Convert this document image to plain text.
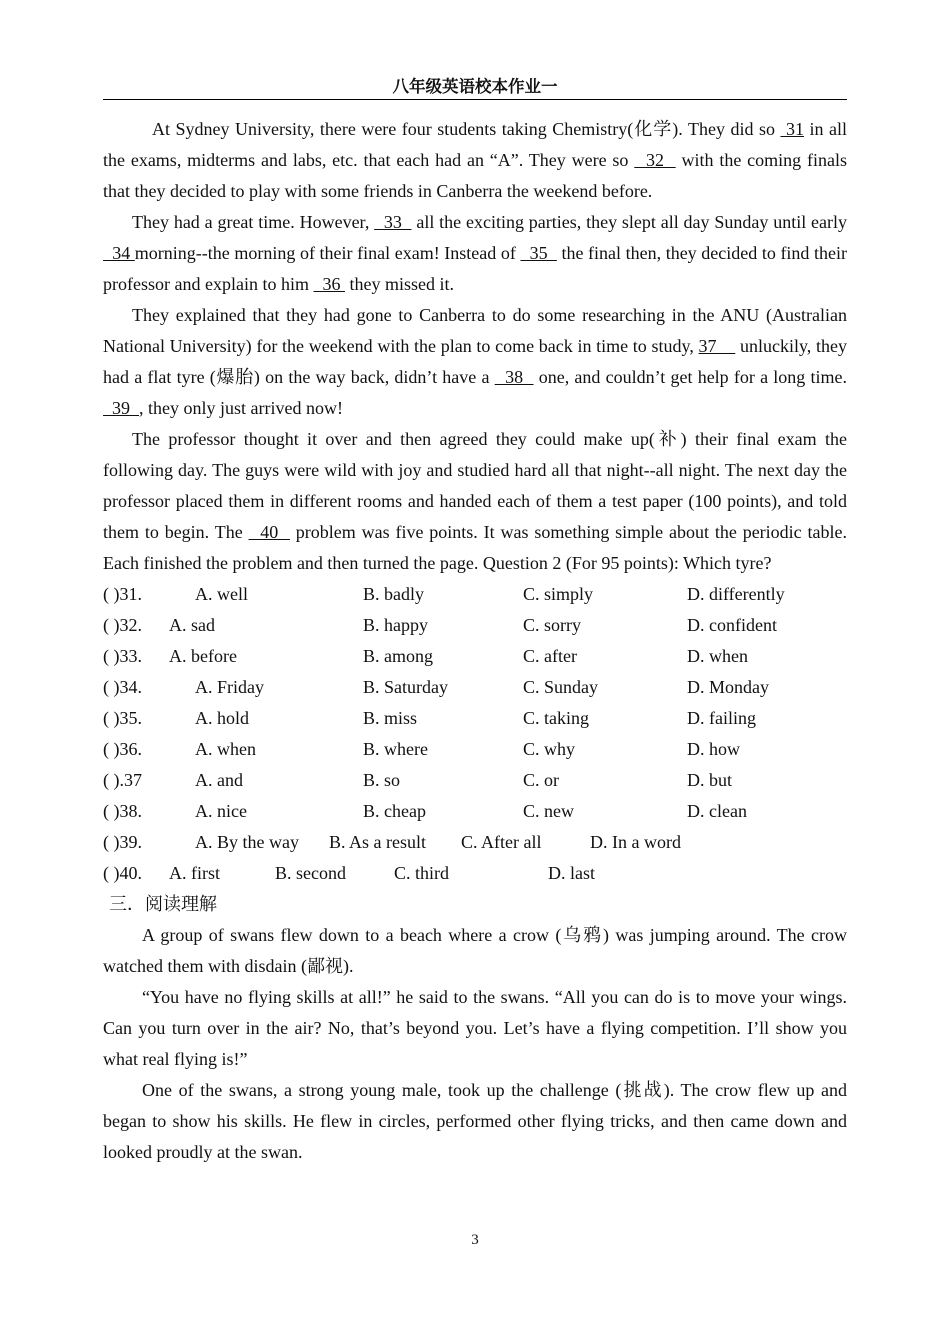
八年级英语校本作业一

At Sydney University, there were four students taking Chemistry(化学). They did so  31 in all the exams, midterms and labs, etc. that each had an “A”. They were so   32   with the coming finals that they decided to play with some friends in Canberra the weekend before.

They had a great time. However,   33   all the exciting parties, they slept all day Sunday until early   34 morning--the morning of their final exam! Instead of   35   the final then, they decided to find their professor and explain to him   36  they missed it.

They explained that they had gone to Canberra to do some researching in the ANU (Australian National University) for the weekend with the plan to come back in time to study, 37     unluckily, they had a flat tyre (爆胎) on the way back, didn’t have a   38   one, and couldn’t get help for a long time.  39  , they only just arrived now!

The professor thought it over and then agreed they could make up(补) their final exam the following day. The guys were wild with joy and studied hard all that night--all night. The next day the professor placed them in different rooms and handed each of them a test paper (100 points), and told them to begin. The   40   problem was five points. It was something simple about the periodic table. Each finished the problem and then turned the page. Question 2 (For 95 points): Which tyre?

( )31.	A. well	B. badly	C. simply	D. differently
( )32. A. sad	B. happy	C. sorry	D. confident
( )33. A. before	B. among	C. after	D. when
( )34.	A. Friday	B. Saturday	C. Sunday	D. Monday
( )35.	A. hold	B. miss	C. taking	D. failing
( )36.	A. when	B. where	C. why	D. how
( ).37	A. and	B. so	C. or	D. but
( )38.	A. nice	B. cheap	C. new	D. clean
( )39.	A. By the way B. As a result C. After all	D. In a word
( )40. A. first	B. second	C. third	D. last

三．阅读理解

A group of swans flew down to a beach where a crow (乌鸦) was jumping around. The crow watched them with disdain (鄙视).

“You have no flying skills at all!” he said to the swans. “All you can do is to move your wings. Can you turn over in the air? No, that’s beyond you. Let’s have a flying competition. I’ll show you what real flying is!”

One of the swans, a strong young male, took up the challenge (挑战). The crow flew up and began to show his skills. He flew in circles, performed other flying tricks, and then came down and looked proudly at the swan.

3
